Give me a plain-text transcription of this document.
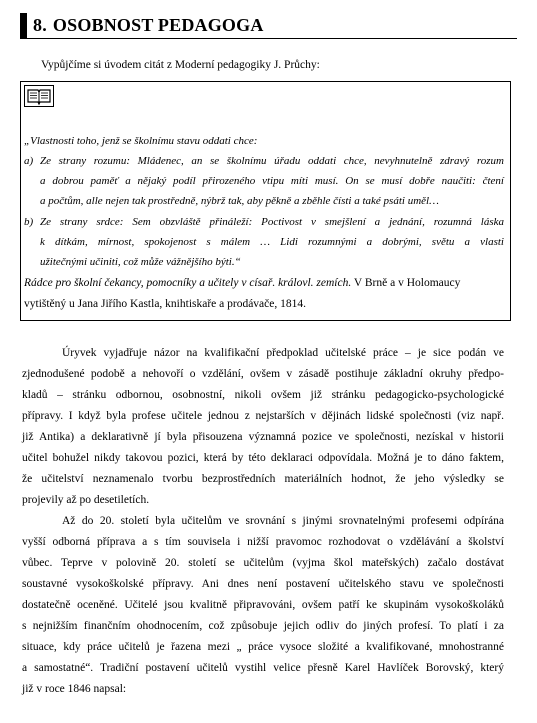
8. OSOBNOST PEDAGOGA
Vypůjčíme si úvodem citát z Moderní pedagogiky J. Průchy:
„Vlastnosti toho, jenž se školnímu stavu oddati chce:
a) Ze strany rozumu: Mládenec, an se školnímu úřadu oddati chce, nevyhnutelně zdravý rozum
a dobrou paměť a nějaký podíl přirozeného vtipu míti musí. On se musí dobře naučiti: čtení
a počtům, alle nejen tak prostředně, nýbrž tak, aby pěkně a zběhle čísti a také psáti uměl…
b) Ze strany srdce: Sem obzvláště přináleží: Poctivost v smejšlení a jednání, rozumná láska
k dítkám, mírnost, spokojenost s málem … Lidi rozumnými a dobrými, světu a vlasti
užitečnými učiniti, což může vážnějšího býti.“
Rádce pro školní čekancy, pomocníky a učitely v císař. královl. zemích. V Brně a v Holomaucy
vytištěný u Jana Jiřího Kastla, knihtiskaře a prodávače, 1814.
Úryvek vyjadřuje názor na kvalifikační předpoklad učitelské práce – je sice podán ve
zjednodušené podobě a nehovoří o vzdělání, ovšem v zásadě postihuje základní okruhy předpo-
kladů – stránku odbornou, osobnostní, nikoli ovšem již stránku pedagogicko-psychologické
přípravy. I když byla profese učitele jednou z nejstarších v dějinách lidské společnosti (viz např.
již Antika) a deklarativně jí byla přisouzena významná pozice ve společnosti, nezískal v historii
učitel bohužel nikdy takovou pozici, která by této deklaraci odpovídala. Možná je to dáno faktem,
že učitelství neznamenalo tvorbu bezprostředních materiálních hodnot, že jeho výsledky se
projevily až po desetiletích.
Až do 20. století byla učitelům ve srovnání s jinými srovnatelnými profesemi odpírána
vyšší odborná příprava a s tím souvisela i nižší pravomoc rozhodovat o vzdělávání a školství
vůbec. Teprve v polovině 20. století se učitelům (vyjma škol mateřských) začalo dostávat
soustavné vysokoškolské přípravy. Ani dnes není postavení učitelského stavu ve společnosti
dostatečně oceněné. Učitelé jsou kvalitně připravováni, ovšem patří ke skupinám vysokoškoláků
s nejnižším finančním ohodnocením, což způsobuje jejich odliv do jiných profesí. To platí i za
situace, kdy práce učitelů je řazena mezi „ práce vysoce složité a kvalifikované, mnohostranné
a samostatné“. Tradiční postavení učitelů vystihl velice přesně Karel Havlíček Borovský, který
již v roce 1846 napsal:
